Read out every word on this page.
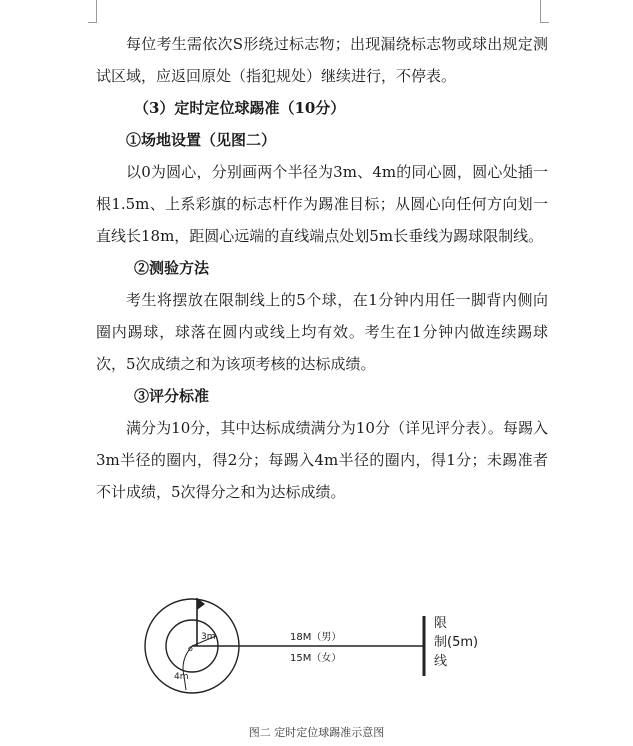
每位考生需依次S形绕过标志物；出现漏绕标志物或球出规定测试区域，应返回原处（指犯规处）继续进行，不停表。

（3）定时定位球踢准（10分）

①场地设置（见图二）

以0为圆心，分别画两个半径为3m、4m的同心圆，圆心处插一根1.5m、上系彩旗的标志杆作为踢准目标；从圆心向任何方向划一直线长18m，距圆心远端的直线端点处划5m长垂线为踢球限制线。

②测验方法

考生将摆放在限制线上的5个球，在1分钟内用任一脚背内侧向圈内踢球，球落在圆内或线上均有效。考生在1分钟内做连续踢球次，5次成绩之和为该项考核的达标成绩。

③评分标准

满分为10分，其中达标成绩满分为10分（详见评分表）。每踢入3m半径的圈内，得2分；每踢入4m半径的圈内，得1分；未踢准者不计成绩，5次得分之和为达标成绩。

3m
o
4m
18M（男）
15M（女）
限
制(5m)
线
图二 定时定位球踢准示意图
